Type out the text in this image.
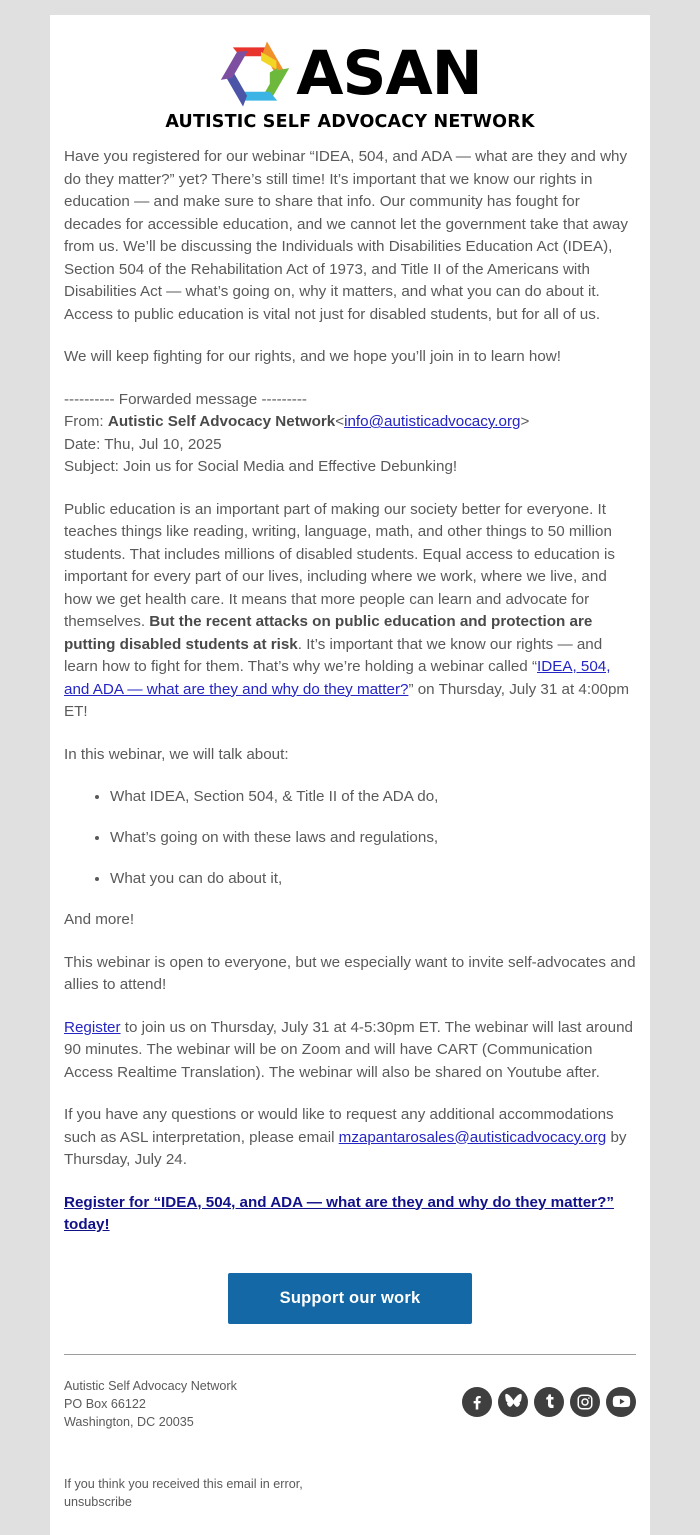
ASAN
AUTISTIC SELF ADVOCACY NETWORK

Have you registered for our webinar “IDEA, 504, and ADA — what are they and why do they matter?” yet? There’s still time! It’s important that we know our rights in education — and make sure to share that info. Our community has fought for decades for accessible education, and we cannot let the government take that away from us. We’ll be discussing the Individuals with Disabilities Education Act (IDEA), Section 504 of the Rehabilitation Act of 1973, and Title II of the Americans with Disabilities Act — what’s going on, why it matters, and what you can do about it. Access to public education is vital not just for disabled students, but for all of us.

We will keep fighting for our rights, and we hope you’ll join in to learn how!

---------- Forwarded message ---------
From: Autistic Self Advocacy Network<info@autisticadvocacy.org>
Date: Thu, Jul 10, 2025
Subject: Join us for Social Media and Effective Debunking!

Public education is an important part of making our society better for everyone. It teaches things like reading, writing, language, math, and other things to 50 million students. That includes millions of disabled students. Equal access to education is important for every part of our lives, including where we work, where we live, and how we get health care. It means that more people can learn and advocate for themselves. But the recent attacks on public education and protection are putting disabled students at risk. It’s important that we know our rights — and learn how to fight for them. That’s why we’re holding a webinar called “IDEA, 504, and ADA — what are they and why do they matter?” on Thursday, July 31 at 4:00pm ET!

In this webinar, we will talk about:

• What IDEA, Section 504, & Title II of the ADA do,
• What’s going on with these laws and regulations,
• What you can do about it,

And more!

This webinar is open to everyone, but we especially want to invite self-advocates and allies to attend!

Register to join us on Thursday, July 31 at 4-5:30pm ET. The webinar will last around 90 minutes. The webinar will be on Zoom and will have CART (Communication Access Realtime Translation). The webinar will also be shared on Youtube after.

If you have any questions or would like to request any additional accommodations such as ASL interpretation, please email mzapantarosales@autisticadvocacy.org by Thursday, July 24.

Register for “IDEA, 504, and ADA — what are they and why do they matter?” today!

Support our work
Autistic Self Advocacy Network
PO Box 66122
Washington, DC 20035
If you think you received this email in error,
unsubscribe
